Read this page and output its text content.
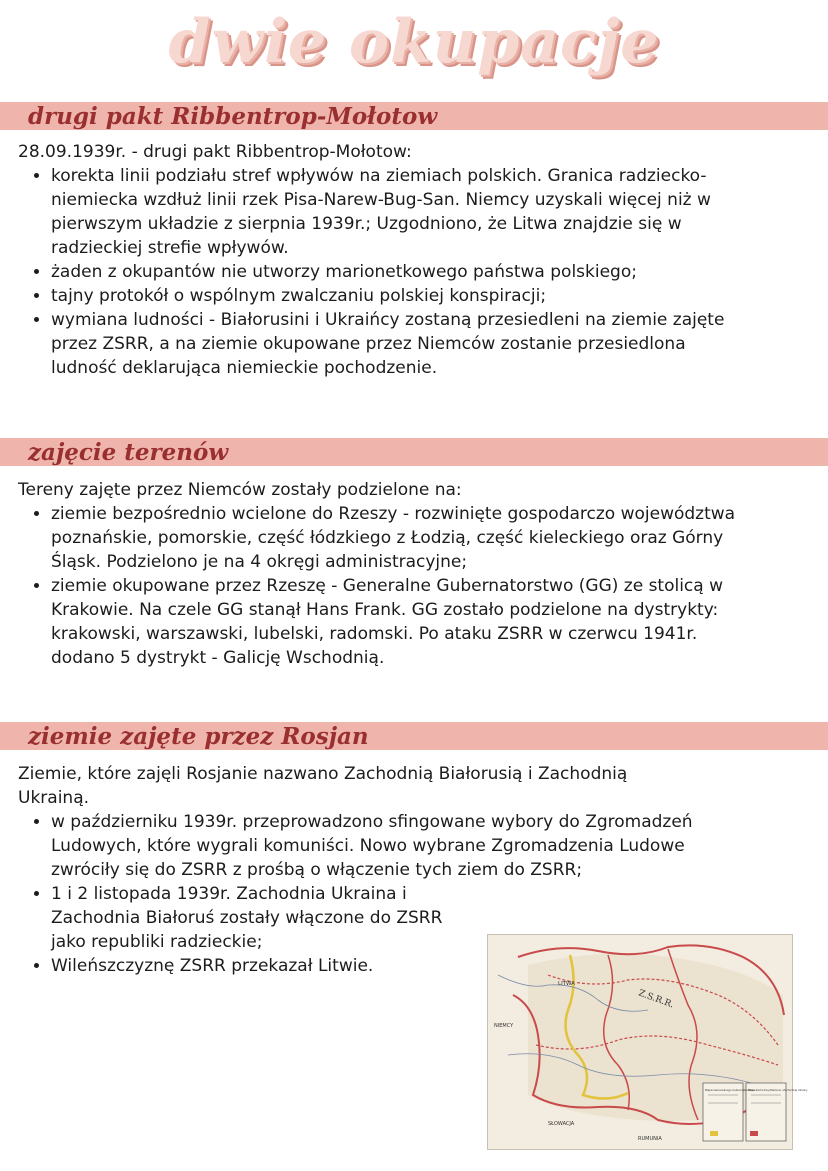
dwie okupacje
drugi pakt Ribbentrop-Mołotow

28.09.1939r. - drugi pakt Ribbentrop-Mołotow:

• korekta linii podziału stref wpływów na ziemiach polskich. Granica radziecko-niemiecka wzdłuż linii rzek Pisa-Narew-Bug-San. Niemcy uzyskali więcej niż w pierwszym układzie z sierpnia 1939r.; Uzgodniono, że Litwa znajdzie się w radzieckiej strefie wpływów.
• żaden z okupantów nie utworzy marionetkowego państwa polskiego;
• tajny protokół o wspólnym zwalczaniu polskiej konspiracji;
• wymiana ludności - Białorusini i Ukraińcy zostaną przesiedleni na ziemie zajęte przez ZSRR, a na ziemie okupowane przez Niemców zostanie przesiedlona ludność deklarująca niemieckie pochodzenie.
zajęcie terenów

Tereny zajęte przez Niemców zostały podzielone na:

• ziemie bezpośrednio wcielone do Rzeszy - rozwinięte gospodarczo województwa poznańskie, pomorskie, część łódzkiego z Łodzią, część kieleckiego oraz Górny Śląsk. Podzielono je na 4 okręgi administracyjne;
• ziemie okupowane przez Rzeszę - Generalne Gubernatorstwo (GG) ze stolicą w Krakowie. Na czele GG stanął Hans Frank. GG zostało podzielone na dystrykty: krakowski, warszawski, lubelski, radomski. Po ataku ZSRR w czerwcu 1941r. dodano 5 dystrykt - Galicję Wschodnią.
ziemie zajęte przez Rosjan

Ziemie, które zajęli Rosjanie nazwano Zachodnią Białorusią i Zachodnią Ukrainą.

• w październiku 1939r. przeprowadzono sfingowane wybory do Zgromadzeń Ludowych, które wygrali komuniści. Nowo wybrane Zgromadzenia Ludowe zwróciły się do ZSRR z prośbą o włączenie tych ziem do ZSRR;
• 1 i 2 listopada 1939r. Zachodnia Ukraina i Zachodnia Białoruś zostały włączone do ZSRR jako republiki radzieckie;
• Wileńszczyznę ZSRR przekazał Litwie.
LITWA
Z.S.R.R.
NIEMCY
SŁOWACJA
RUMUNIA
Mapa Generalnego Gubernatorstwa
Mapa Zachodniej Białorusi i Zachodniej Ukrainy
